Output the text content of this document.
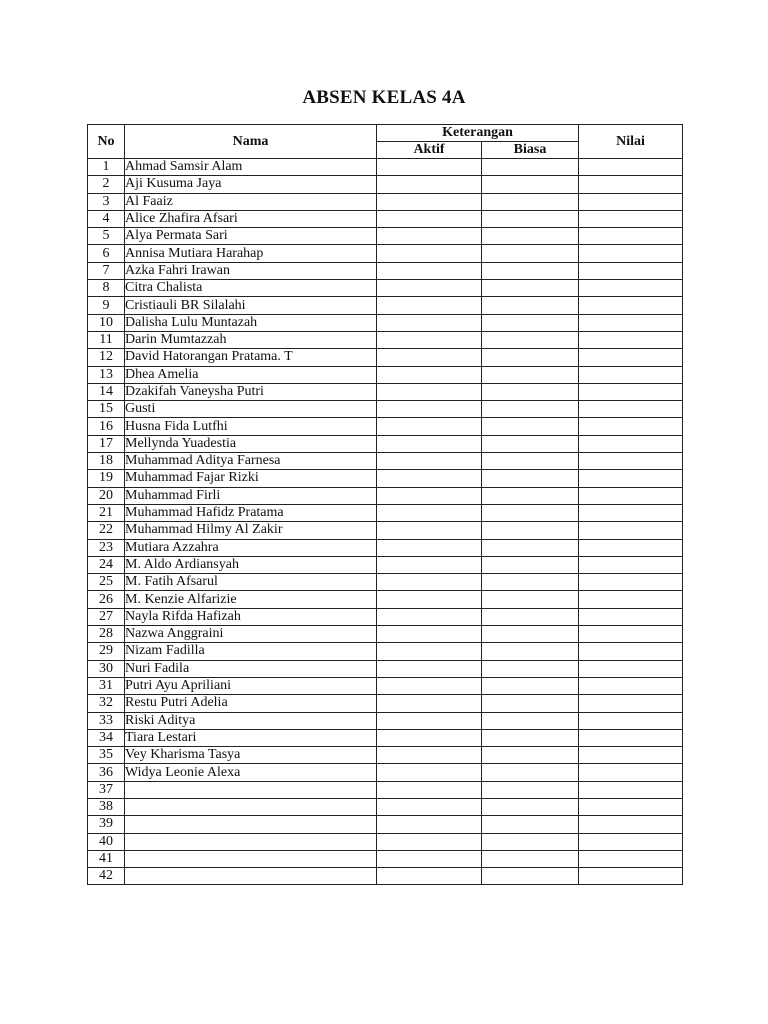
ABSEN KELAS 4A
No	Nama	Keterangan		Nilai
		Aktif	Biasa	
1	Ahmad Samsir Alam			
2	Aji Kusuma Jaya			
3	Al Faaiz			
4	Alice Zhafira Afsari			
5	Alya Permata Sari			
6	Annisa Mutiara Harahap			
7	Azka Fahri Irawan			
8	Citra Chalista			
9	Cristiauli BR Silalahi			
10	Dalisha Lulu Muntazah			
11	Darin Mumtazzah			
12	David Hatorangan Pratama. T			
13	Dhea Amelia			
14	Dzakifah Vaneysha Putri			
15	Gusti			
16	Husna Fida Lutfhi			
17	Mellynda Yuadestia			
18	Muhammad Aditya Farnesa			
19	Muhammad Fajar Rizki			
20	Muhammad Firli			
21	Muhammad Hafidz Pratama			
22	Muhammad Hilmy Al Zakir			
23	Mutiara Azzahra			
24	M. Aldo Ardiansyah			
25	M. Fatih Afsarul			
26	M. Kenzie Alfarizie			
27	Nayla Rifda Hafizah			
28	Nazwa Anggraini			
29	Nizam Fadilla			
30	Nuri Fadila			
31	Putri Ayu Apriliani			
32	Restu Putri Adelia			
33	Riski Aditya			
34	Tiara Lestari			
35	Vey Kharisma Tasya			
36	Widya Leonie Alexa			
37				
38				
39				
40				
41				
42				
